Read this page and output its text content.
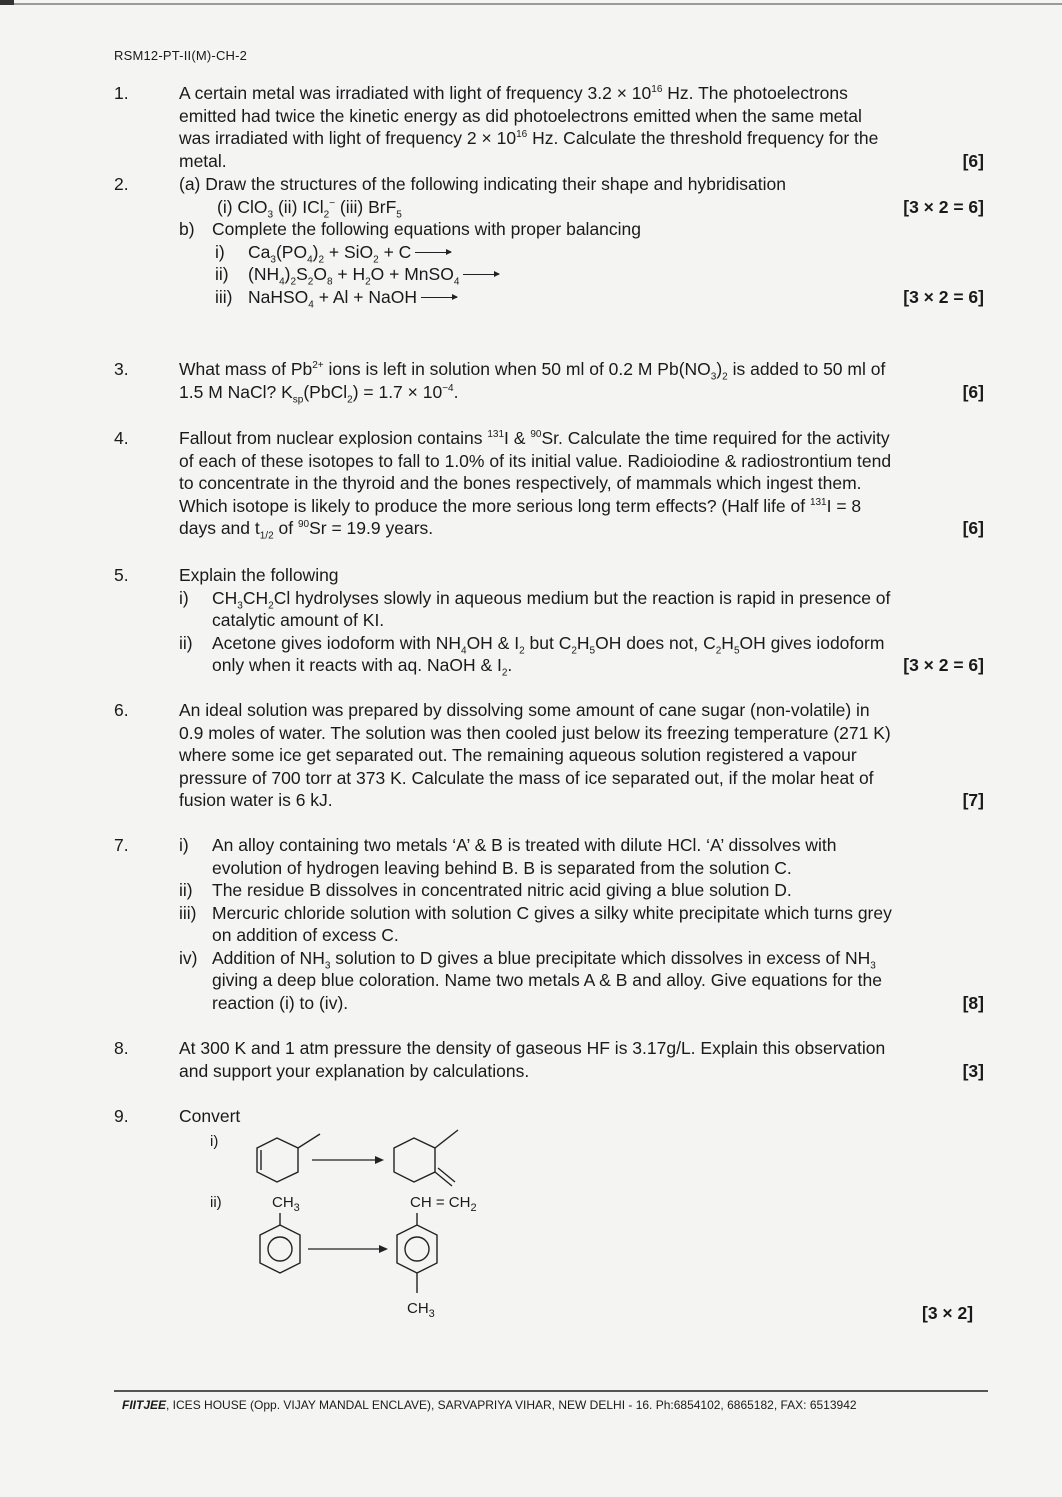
RSM12-PT-II(M)-CH-2
1.	A certain metal was irradiated with light of frequency $3.2 \times 10^{16}$ Hz. The photoelectrons
emitted had twice the kinetic energy as did photoelectrons emitted when the same metal
was irradiated with light of frequency $2 \times 10^{16}$ Hz. Calculate the threshold frequency for the
metal.	[6]
2.	(a) Draw the structures of the following indicating their shape and hybridisation
(i) ClO$_3$ (ii) ICl$_2$− (iii) BrF$_5$	[3 × 2 = 6]
b) Complete the following equations with proper balancing
i)	$Ca_3(PO_4)_2 + SiO_2 + C$
ii)	$(NH_4)_2S_2O_8 + H_2O$ + MnSO$_4$
iii) NaHSO$_4$ + Al + NaOH	[3 × 2 = 6]
3.	What mass of $Pb^{2+}$ ions is left in solution when 50 ml of 0.2 M $Pb(NO_3)_2$ is added to 50 ml of
1.5 M NaCl? $K_{sp}(PbCl_2) = 1.7 \times 10^{-4}$.	[6]
4.	Fallout from nuclear explosion contains $^{131}$I & $^{90}$Sr. Calculate the time required for the activity
of each of these isotopes to fall to 1.0% of its initial value. Radioiodine & radiostrontium tend
to concentrate in the thyroid and the bones respectively, of mammals which ingest them.
Which isotope is likely to produce the more serious long term effects? (Half life of $^{131}$I = 8
days and $t_{1/2}$ of $^{90}$Sr = 19.9 years.	[6]
5.	Explain the following
i)	$CH_3CH_2Cl$ hydrolyses slowly in aqueous medium but the reaction is rapid in presence of
catalytic amount of KI.
ii)	Acetone gives iodoform with $NH_4OH$ & $I_2$ but $C_2H_5OH$ does not, $C_2H_5OH$ gives iodoform
only when it reacts with aq. NaOH & $I_2$.	[3 × 2 = 6]
6.	An ideal solution was prepared by dissolving some amount of cane sugar (non-volatile) in
0.9 moles of water. The solution was then cooled just below its freezing temperature (271 K)
where some ice get separated out. The remaining aqueous solution registered a vapour
pressure of 700 torr at 373 K. Calculate the mass of ice separated out, if the molar heat of
fusion water is 6 kJ.	[7]
7.	i)	An alloy containing two metals ‘A’ & B is treated with dilute HCl. ‘A’ dissolves with
evolution of hydrogen leaving behind B. B is separated from the solution C.
ii)	The residue B dissolves in concentrated nitric acid giving a blue solution D.
iii) Mercuric chloride solution with solution C gives a silky white precipitate which turns grey
on addition of excess C.
iv) Addition of $NH_3$ solution to D gives a blue precipitate which dissolves in excess of $NH_3$
giving a deep blue coloration. Name two metals A & B and alloy. Give equations for the
reaction (i) to (iv).	[8]
8.	At 300 K and 1 atm pressure the density of gaseous HF is 3.17g/L. Explain this observation
and support your explanation by calculations.	[3]
9.	Convert
i)
ii)	$CH_3$	CH = $CH_2$
$CH_3$	[3 × 2]
FIITJEE, ICES HOUSE (Opp. VIJAY MANDAL ENCLAVE), SARVAPRIYA VIHAR, NEW DELHI - 16. Ph:6854102, 6865182, FAX: 6513942
